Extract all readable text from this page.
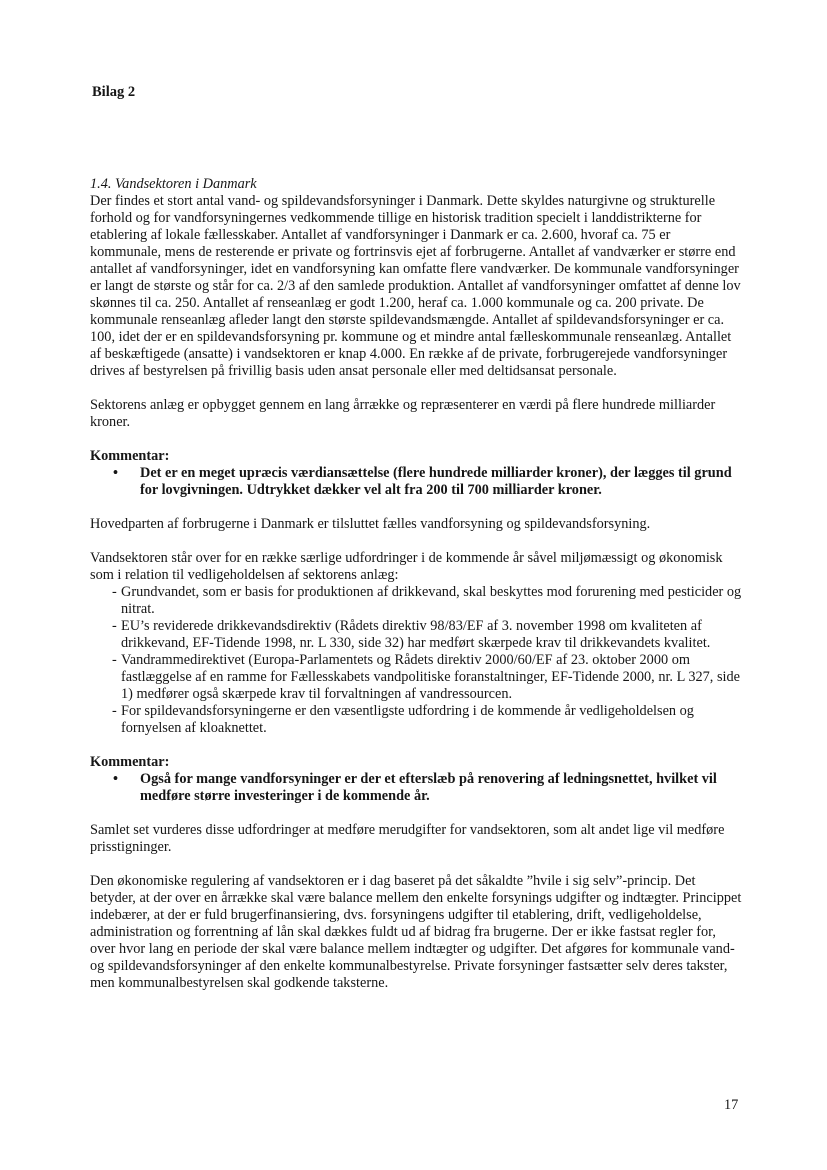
Bilag 2

1.4. Vandsektoren i Danmark

Der findes et stort antal vand- og spildevandsforsyninger i Danmark. Dette skyldes naturgivne og strukturelle forhold og for vandforsyningernes vedkommende tillige en historisk tradition specielt i landdistrikterne for etablering af lokale fællesskaber. Antallet af vandforsyninger i Danmark er ca. 2.600, hvoraf ca. 75 er kommunale, mens de resterende er private og fortrinsvis ejet af forbrugerne. Antallet af vandværker er større end antallet af vandforsyninger, idet en vandforsyning kan omfatte flere vandværker. De kommunale vandforsyninger er langt de største og står for ca. 2/3 af den samlede produktion. Antallet af vandforsyninger omfattet af denne lov skønnes til ca. 250. Antallet af renseanlæg er godt 1.200, heraf ca. 1.000 kommunale og ca. 200 private. De kommunale renseanlæg afleder langt den største spildevandsmængde. Antallet af spildevandsforsyninger er ca. 100, idet der er en spildevandsforsyning pr. kommune og et mindre antal fælleskommunale renseanlæg. Antallet af beskæftigede (ansatte) i vandsektoren er knap 4.000. En række af de private, forbrugerejede vandforsyninger drives af bestyrelsen på frivillig basis uden ansat personale eller med deltidsansat personale.

Sektorens anlæg er opbygget gennem en lang årrække og repræsenterer en værdi på flere hundrede milliarder kroner.

Kommentar:

• Det er en meget upræcis værdiansættelse (flere hundrede milliarder kroner), der lægges til grund for lovgivningen. Udtrykket dækker vel alt fra 200 til 700 milliarder kroner.

Hovedparten af forbrugerne i Danmark er tilsluttet fælles vandforsyning og spildevandsforsyning.

Vandsektoren står over for en række særlige udfordringer i de kommende år såvel miljømæssigt og økonomisk som i relation til vedligeholdelsen af sektorens anlæg:

- Grundvandet, som er basis for produktionen af drikkevand, skal beskyttes mod forurening med pesticider og nitrat.
- EU’s reviderede drikkevandsdirektiv (Rådets direktiv 98/83/EF af 3. november 1998 om kvaliteten af drikkevand, EF-Tidende 1998, nr. L 330, side 32) har medført skærpede krav til drikkevandets kvalitet.
- Vandrammedirektivet (Europa-Parlamentets og Rådets direktiv 2000/60/EF af 23. oktober 2000 om fastlæggelse af en ramme for Fællesskabets vandpolitiske foranstaltninger, EF-Tidende 2000, nr. L 327, side 1) medfører også skærpede krav til forvaltningen af vandressourcen.
- For spildevandsforsyningerne er den væsentligste udfordring i de kommende år vedligeholdelsen og fornyelsen af kloaknettet.

Kommentar:

• Også for mange vandforsyninger er der et efterslæb på renovering af ledningsnettet, hvilket vil medføre større investeringer i de kommende år.

Samlet set vurderes disse udfordringer at medføre merudgifter for vandsektoren, som alt andet lige vil medføre prisstigninger.

Den økonomiske regulering af vandsektoren er i dag baseret på det såkaldte ”hvile i sig selv”-princip. Det betyder, at der over en årrække skal være balance mellem den enkelte forsynings udgifter og indtægter. Princippet indebærer, at der er fuld brugerfinansiering, dvs. forsyningens udgifter til etablering, drift, vedligeholdelse, administration og forrentning af lån skal dækkes fuldt ud af bidrag fra brugerne. Der er ikke fastsat regler for, over hvor lang en periode der skal være balance mellem indtægter og udgifter. Det afgøres for kommunale vand- og spildevandsforsyninger af den enkelte kommunalbestyrelse. Private forsyninger fastsætter selv deres takster, men kommunalbestyrelsen skal godkende taksterne.

17
